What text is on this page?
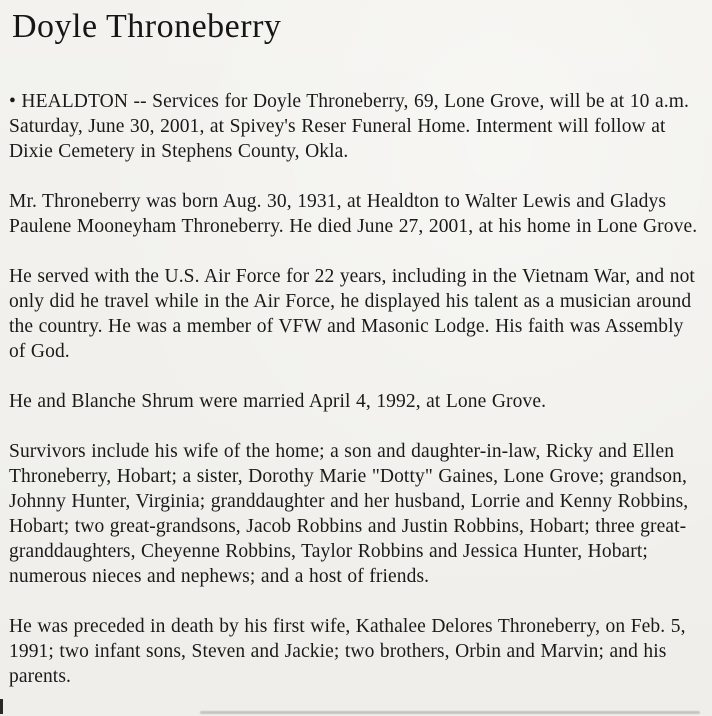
Doyle Throneberry

• HEALDTON -- Services for Doyle Throneberry, 69, Lone Grove, will be at 10 a.m. Saturday, June 30, 2001, at Spivey's Reser Funeral Home. Interment will follow at Dixie Cemetery in Stephens County, Okla.

Mr. Throneberry was born Aug. 30, 1931, at Healdton to Walter Lewis and Gladys Paulene Mooneyham Throneberry. He died June 27, 2001, at his home in Lone Grove.

He served with the U.S. Air Force for 22 years, including in the Vietnam War, and not only did he travel while in the Air Force, he displayed his talent as a musician around the country. He was a member of VFW and Masonic Lodge. His faith was Assembly of God.

He and Blanche Shrum were married April 4, 1992, at Lone Grove.

Survivors include his wife of the home; a son and daughter-in-law, Ricky and Ellen Throneberry, Hobart; a sister, Dorothy Marie "Dotty" Gaines, Lone Grove; grandson, Johnny Hunter, Virginia; granddaughter and her husband, Lorrie and Kenny Robbins, Hobart; two great-grandsons, Jacob Robbins and Justin Robbins, Hobart; three great-granddaughters, Cheyenne Robbins, Taylor Robbins and Jessica Hunter, Hobart; numerous nieces and nephews; and a host of friends.

He was preceded in death by his first wife, Kathalee Delores Throneberry, on Feb. 5, 1991; two infant sons, Steven and Jackie; two brothers, Orbin and Marvin; and his parents.
